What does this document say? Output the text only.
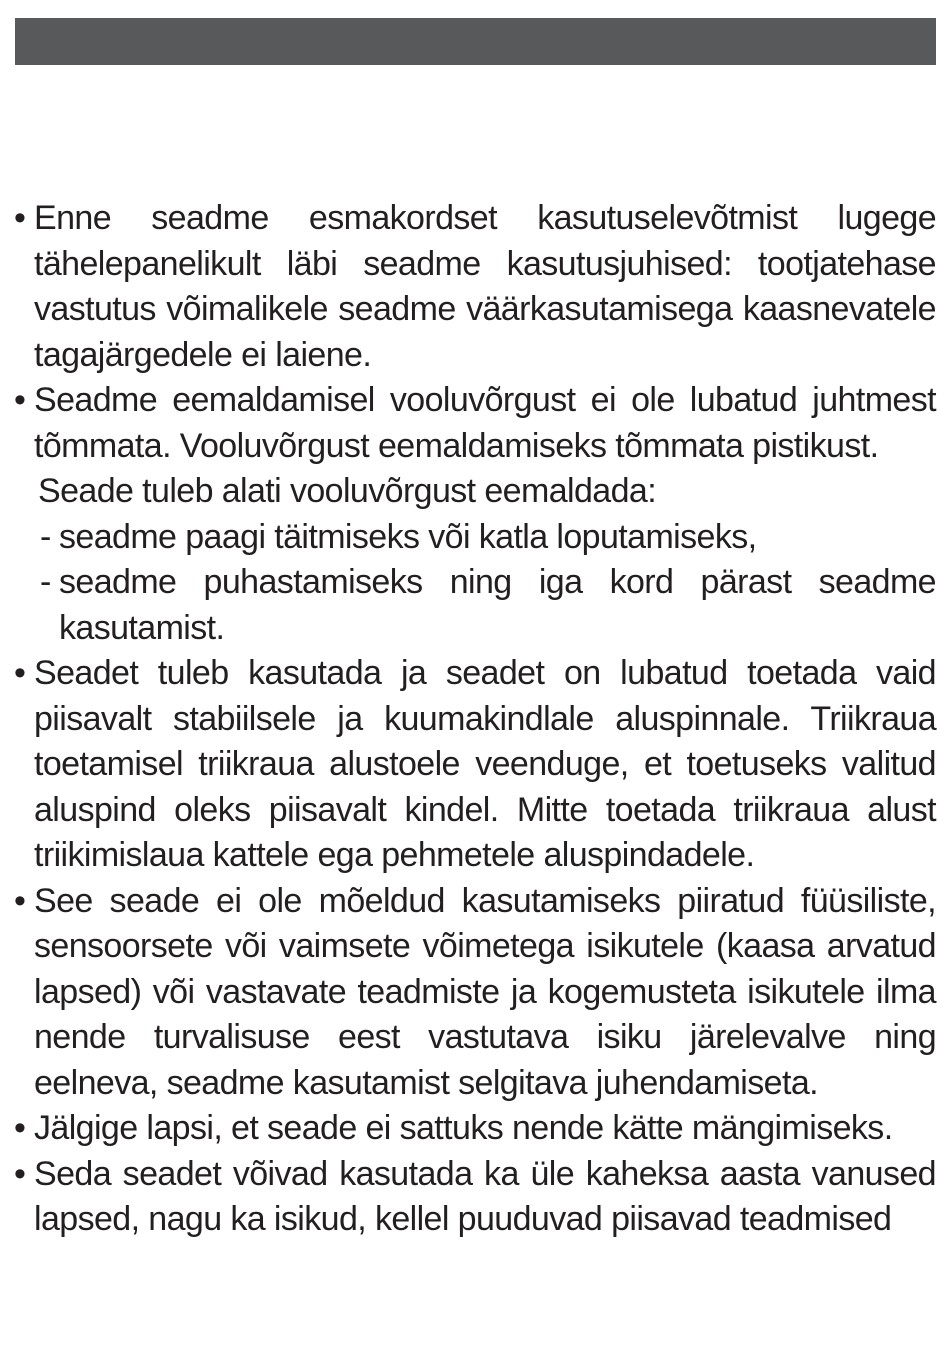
• Enne seadme esmakordset kasutuselevõtmist lugege tähelepanelikult läbi seadme kasutusjuhised: tootjatehase vastutus võimalikele seadme väärkasutamisega kaasnevatele tagajärgedele ei laiene.
• Seadme eemaldamisel vooluvõrgust ei ole lubatud juhtmest tõmmata. Vooluvõrgust eemaldamiseks tõmmata pistikust.
Seade tuleb alati vooluvõrgust eemaldada:
- seadme paagi täitmiseks või katla loputamiseks,
- seadme puhastamiseks ning iga kord pärast seadme kasutamist.
• Seadet tuleb kasutada ja seadet on lubatud toetada vaid piisavalt stabiilsele ja kuumakindlale aluspinnale. Triikraua toetamisel triikraua alustoele veenduge, et toetuseks valitud aluspind oleks piisavalt kindel. Mitte toetada triikraua alust triikimislaua kattele ega pehmetele aluspindadele.
• See seade ei ole mõeldud kasutamiseks piiratud füüsiliste, sensoorsete või vaimsete võimetega isikutele (kaasa arvatud lapsed) või vastavate teadmiste ja kogemusteta isikutele ilma nende turvalisuse eest vastutava isiku järelevalve ning eelneva, seadme kasutamist selgitava juhendamiseta.
• Jälgige lapsi, et seade ei sattuks nende kätte mängimiseks.
• Seda seadet võivad kasutada ka üle kaheksa aasta vanused lapsed, nagu ka isikud, kellel puuduvad piisavad teadmised
